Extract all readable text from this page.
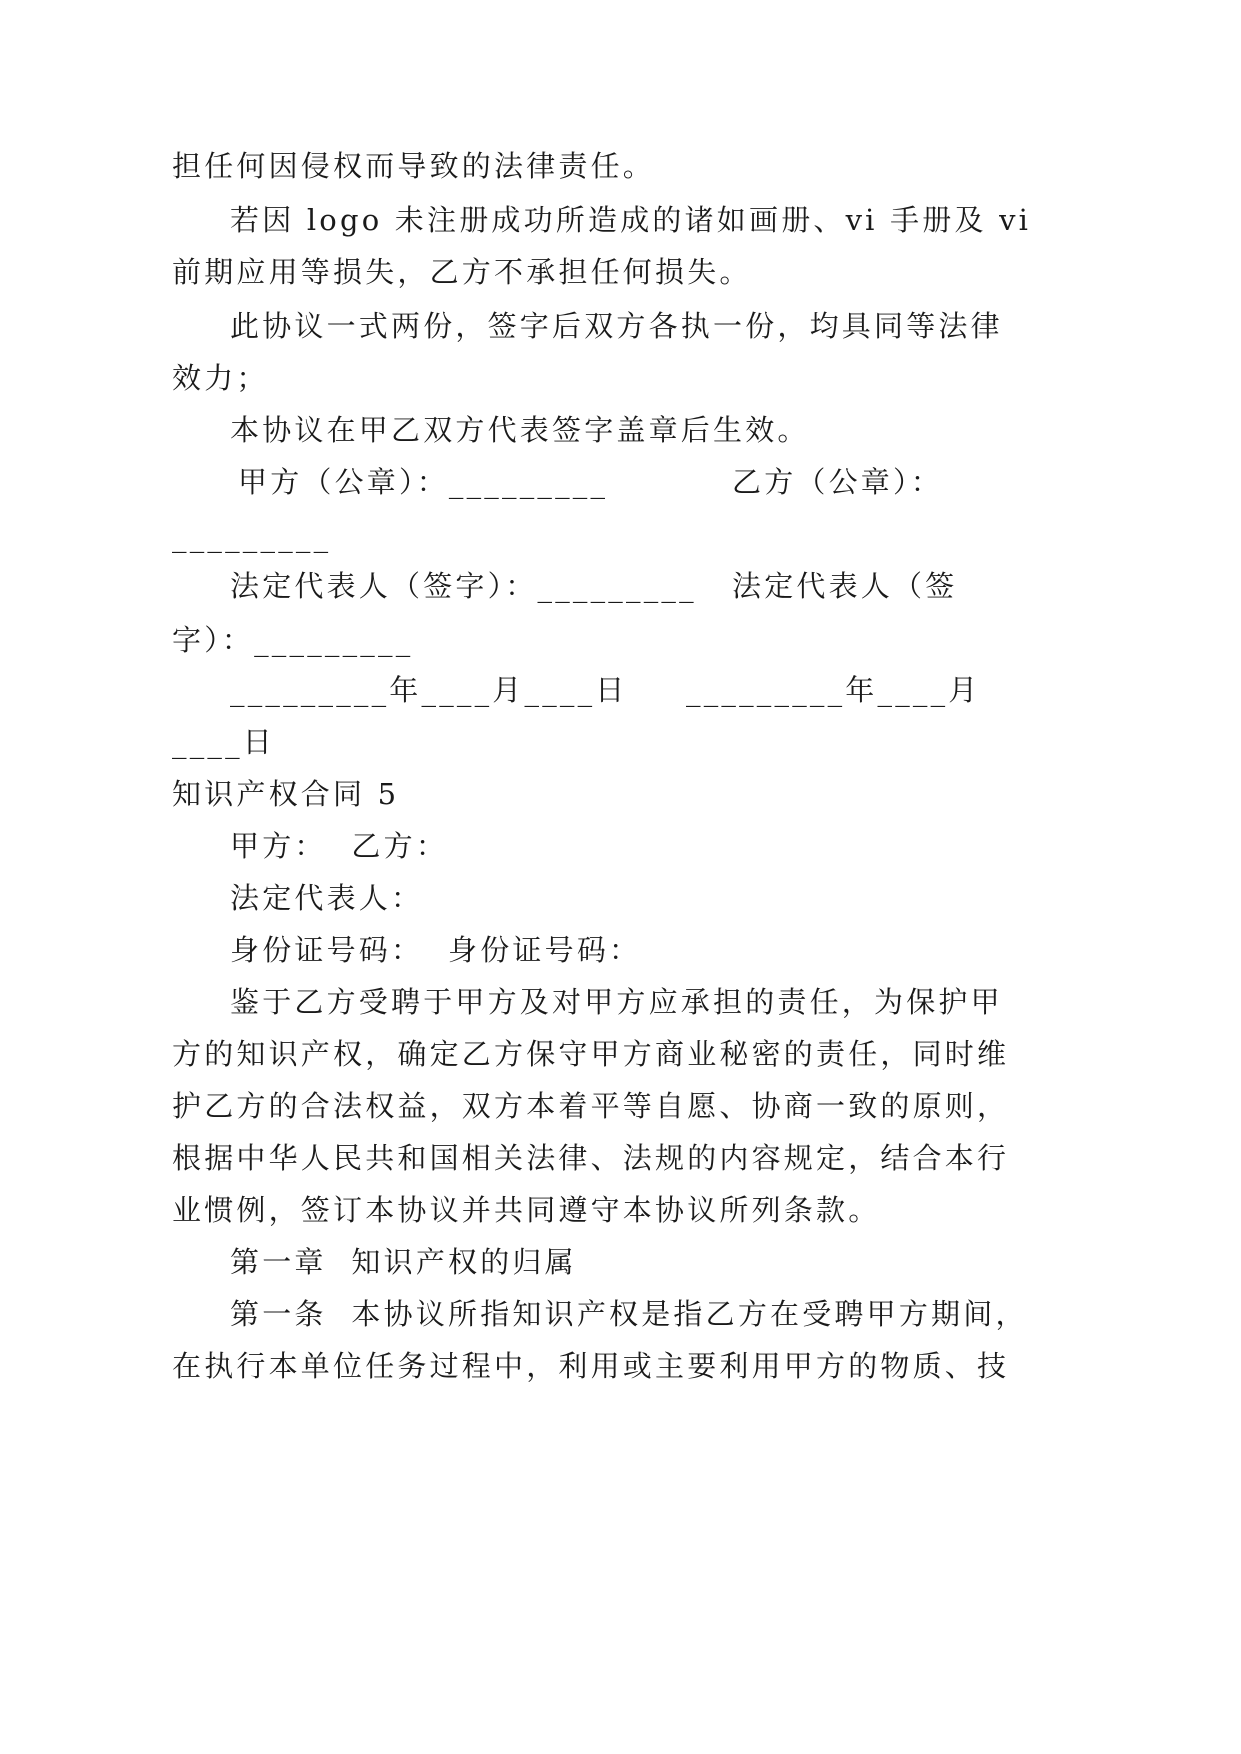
担任何因侵权而导致的法律责任。
若因 logo 未注册成功所造成的诸如画册、vi 手册及 vi
前期应用等损失，乙方不承担任何损失。
此协议一式两份，签字后双方各执一份，均具同等法律
效力；
本协议在甲乙双方代表签字盖章后生效。
甲方（公章）：_________	乙方（公章）：
_________
法定代表人（签字）：_________ 法定代表人（签
字）：_________
_________年____月____日 _________年____月
____日
知识产权合同 5
甲方：  乙方：
法定代表人：
身份证号码：  身份证号码：
鉴于乙方受聘于甲方及对甲方应承担的责任，为保护甲
方的知识产权，确定乙方保守甲方商业秘密的责任，同时维
护乙方的合法权益，双方本着平等自愿、协商一致的原则，
根据中华人民共和国相关法律、法规的内容规定，结合本行
业惯例，签订本协议并共同遵守本协议所列条款。
第一章  知识产权的归属
第一条  本协议所指知识产权是指乙方在受聘甲方期间，
在执行本单位任务过程中，利用或主要利用甲方的物质、技
